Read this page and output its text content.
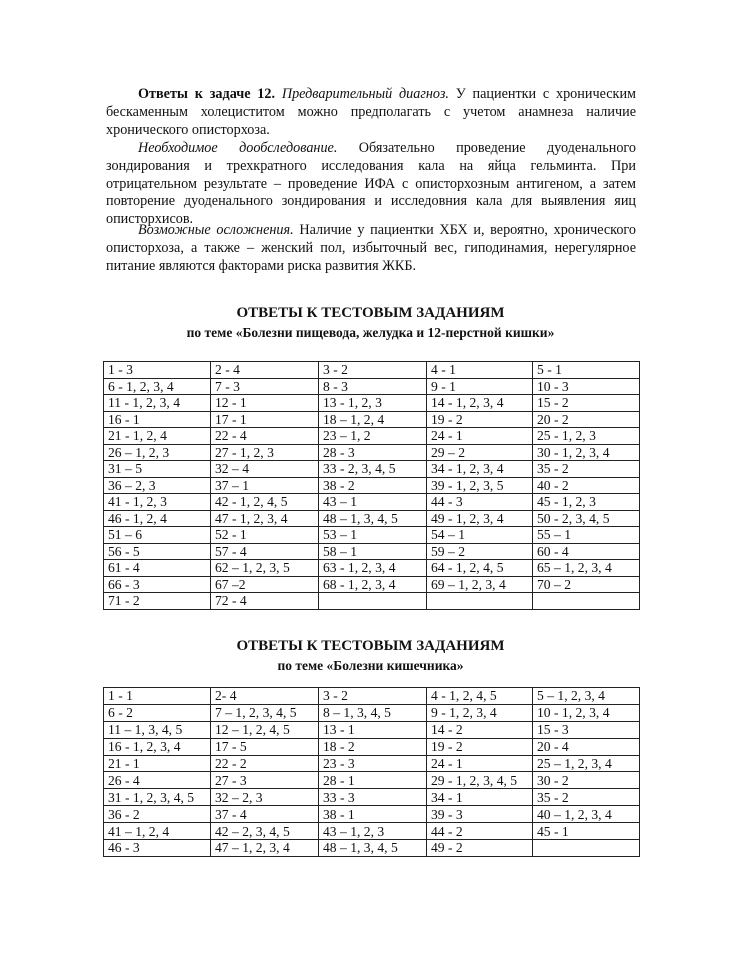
Ответы к задаче 12. Предварительный диагноз. У пациентки с хроническим бескаменным холециститом можно предполагать с учетом анамнеза наличие хронического описторхоза.

Необходимое дообследование. Обязательно проведение дуоденального зондирования и трехкратного исследования кала на яйца гельминта. При отрицательном результате – проведение ИФА с описторхозным антигеном, а затем повторение дуоденального зондирования и исследовния кала для выявления яиц описторхисов.

Возможные осложнения. Наличие у пациентки ХБХ и, вероятно, хронического описторхоза, а также – женский пол, избыточный вес, гиподинамия, нерегулярное питание являются факторами риска развития ЖКБ.

ОТВЕТЫ К ТЕСТОВЫМ ЗАДАНИЯМ

по теме «Болезни пищевода, желудка и 12-перстной кишки»

1 - 3	2 - 4	3 - 2	4 - 1	5 - 1
6 - 1, 2, 3, 4	7 - 3	8 - 3	9 - 1	10 - 3
11 - 1, 2, 3, 4	12 - 1	13 - 1, 2, 3	14 - 1, 2, 3, 4	15 - 2
16 - 1	17 - 1	18 – 1, 2, 4	19 - 2	20 - 2
21 - 1, 2, 4	22 - 4	23 – 1, 2	24 - 1	25 - 1, 2, 3
26 – 1, 2, 3	27 - 1, 2, 3	28 - 3	29 – 2	30 - 1, 2, 3, 4
31 – 5	32 – 4	33 - 2, 3, 4, 5	34 - 1, 2, 3, 4	35 - 2
36 – 2, 3	37 – 1	38 - 2	39 - 1, 2, 3, 5	40 - 2
41 - 1, 2, 3	42 - 1, 2, 4, 5	43 – 1	44 - 3	45 - 1, 2, 3
46 - 1, 2, 4	47 - 1, 2, 3, 4	48 – 1, 3, 4, 5	49 - 1, 2, 3, 4	50 - 2, 3, 4, 5
51 – 6	52 - 1	53 – 1	54 – 1	55 – 1
56 - 5	57 - 4	58 – 1	59 – 2	60 - 4
61 - 4	62 – 1, 2, 3, 5	63 - 1, 2, 3, 4	64 - 1, 2, 4, 5	65 – 1, 2, 3, 4
66 - 3	67 –2	68 - 1, 2, 3, 4	69 – 1, 2, 3, 4	70 – 2
71 - 2	72 - 4			

ОТВЕТЫ К ТЕСТОВЫМ ЗАДАНИЯМ

по теме «Болезни кишечника»

1 - 1	2- 4	3 - 2	4 - 1, 2, 4, 5	5 – 1, 2, 3, 4
6 - 2	7 – 1, 2, 3, 4, 5	8 – 1, 3, 4, 5	9 - 1, 2, 3, 4	10 - 1, 2, 3, 4
11 – 1, 3, 4, 5	12 – 1, 2, 4, 5	13 - 1	14 - 2	15 - 3
16 - 1, 2, 3, 4	17 - 5	18 - 2	19 - 2	20 - 4
21 - 1	22 - 2	23 - 3	24 - 1	25 – 1, 2, 3, 4
26 - 4	27 - 3	28 - 1	29 - 1, 2, 3, 4, 5	30 - 2
31 - 1, 2, 3, 4, 5	32 – 2, 3	33 - 3	34 - 1	35 - 2
36 - 2	37 - 4	38 - 1	39 - 3	40 – 1, 2, 3, 4
41 – 1, 2, 4	42 – 2, 3, 4, 5	43 – 1, 2, 3	44 - 2	45 - 1
46 - 3	47 – 1, 2, 3, 4	48 – 1, 3, 4, 5	49 - 2	
